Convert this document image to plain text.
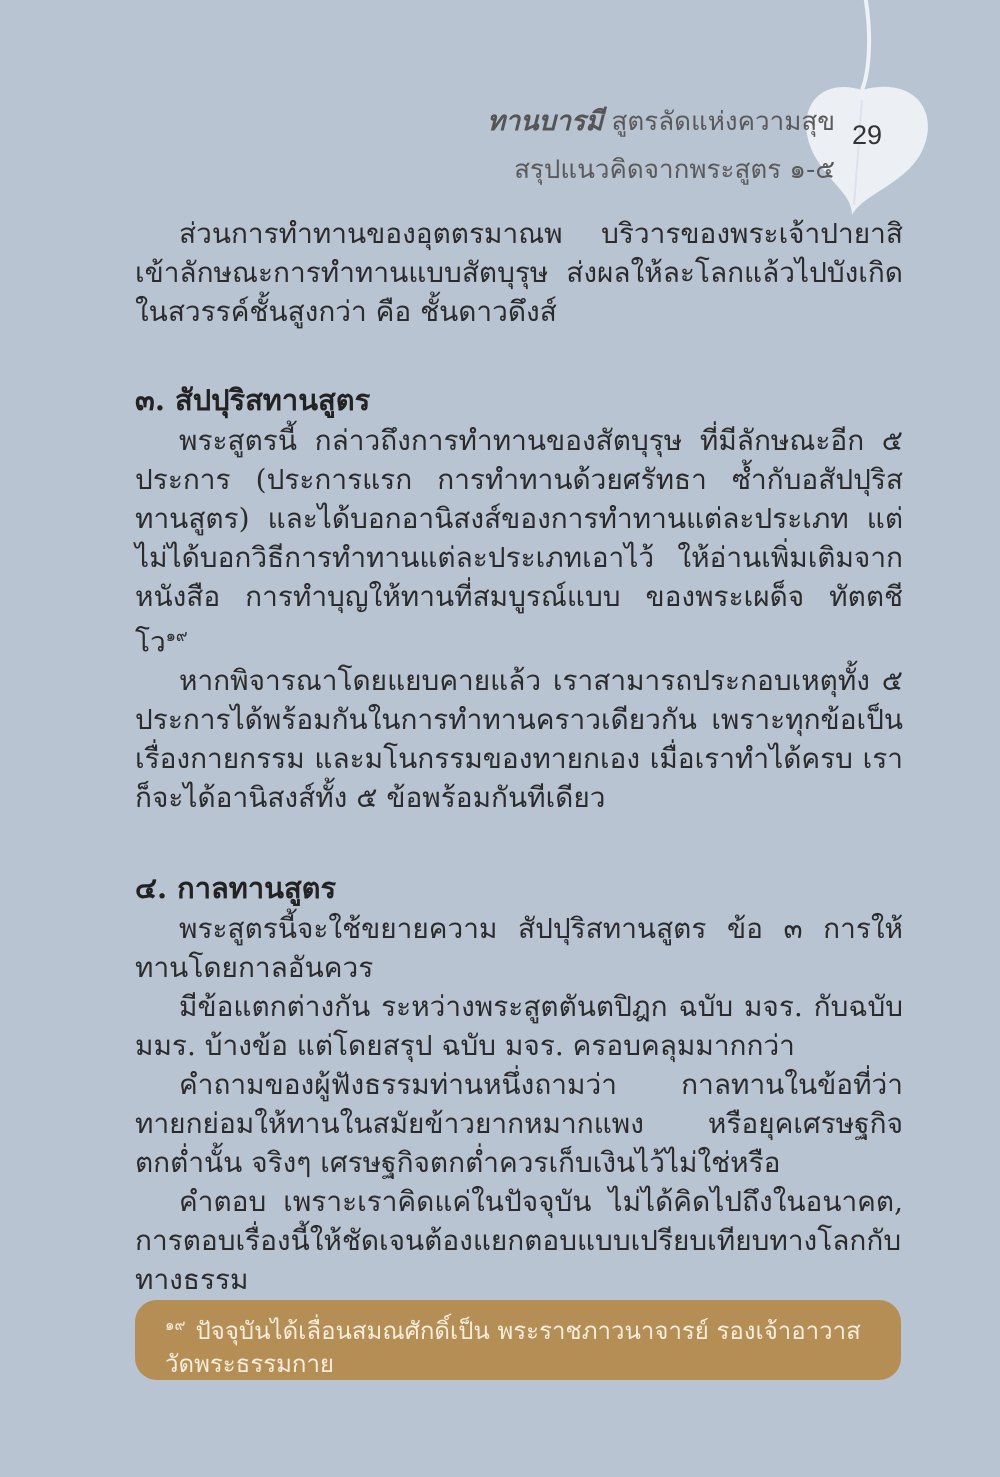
ทานบารมี สูตรลัดแห่งความสุข
สรุปแนวคิดจากพระสูตร ๑-๕
29

ส่วนการทำทานของอุตตรมาณพ บริวารของพระเจ้าปายาสิ เข้าลักษณะการทำทานแบบสัตบุรุษ ส่งผลให้ละโลกแล้วไปบังเกิดในสวรรค์ชั้นสูงกว่า คือ ชั้นดาวดึงส์

๓. สัปปุริสทานสูตร

พระสูตรนี้ กล่าวถึงการทำทานของสัตบุรุษ ที่มีลักษณะอีก ๕ ประการ (ประการแรก การทำทานด้วยศรัทธา ซ้ำกับอสัปปุริสทานสูตร) และได้บอกอานิสงส์ของการทำทานแต่ละประเภท แต่ไม่ได้บอกวิธีการทำทานแต่ละประเภทเอาไว้ ให้อ่านเพิ่มเติมจากหนังสือ การทำบุญให้ทานที่สมบูรณ์แบบ ของพระเผด็จ ทัตตชีโว$^{๑๙}$

หากพิจารณาโดยแยบคายแล้ว เราสามารถประกอบเหตุทั้ง ๕ ประการได้พร้อมกันในการทำทานคราวเดียวกัน เพราะทุกข้อเป็นเรื่องกายกรรม และมโนกรรมของทายกเอง เมื่อเราทำได้ครบ เราก็จะได้อานิสงส์ทั้ง ๕ ข้อพร้อมกันทีเดียว

๔. กาลทานสูตร

พระสูตรนี้จะใช้ขยายความ สัปปุริสทานสูตร ข้อ ๓ การให้ทานโดยกาลอันควร

มีข้อแตกต่างกัน ระหว่างพระสูตตันตปิฎก ฉบับ มจร. กับฉบับ มมร. บ้างข้อ แต่โดยสรุป ฉบับ มจร. ครอบคลุมมากกว่า

คำถามของผู้ฟังธรรมท่านหนึ่งถามว่า กาลทานในข้อที่ว่า ทายกย่อมให้ทานในสมัยข้าวยากหมากแพง หรือยุคเศรษฐกิจตกต่ำนั้น จริงๆ เศรษฐกิจตกต่ำควรเก็บเงินไว้ไม่ใช่หรือ

คำตอบ เพราะเราคิดแค่ในปัจจุบัน ไม่ได้คิดไปถึงในอนาคต, การตอบเรื่องนี้ให้ชัดเจนต้องแยกตอบแบบเปรียบเทียบทางโลกกับทางธรรม

$^{๑๙}$ ปัจจุบันได้เลื่อนสมณศักดิ์เป็น พระราชภาวนาจารย์ รองเจ้าอาวาส วัดพระธรรมกาย
